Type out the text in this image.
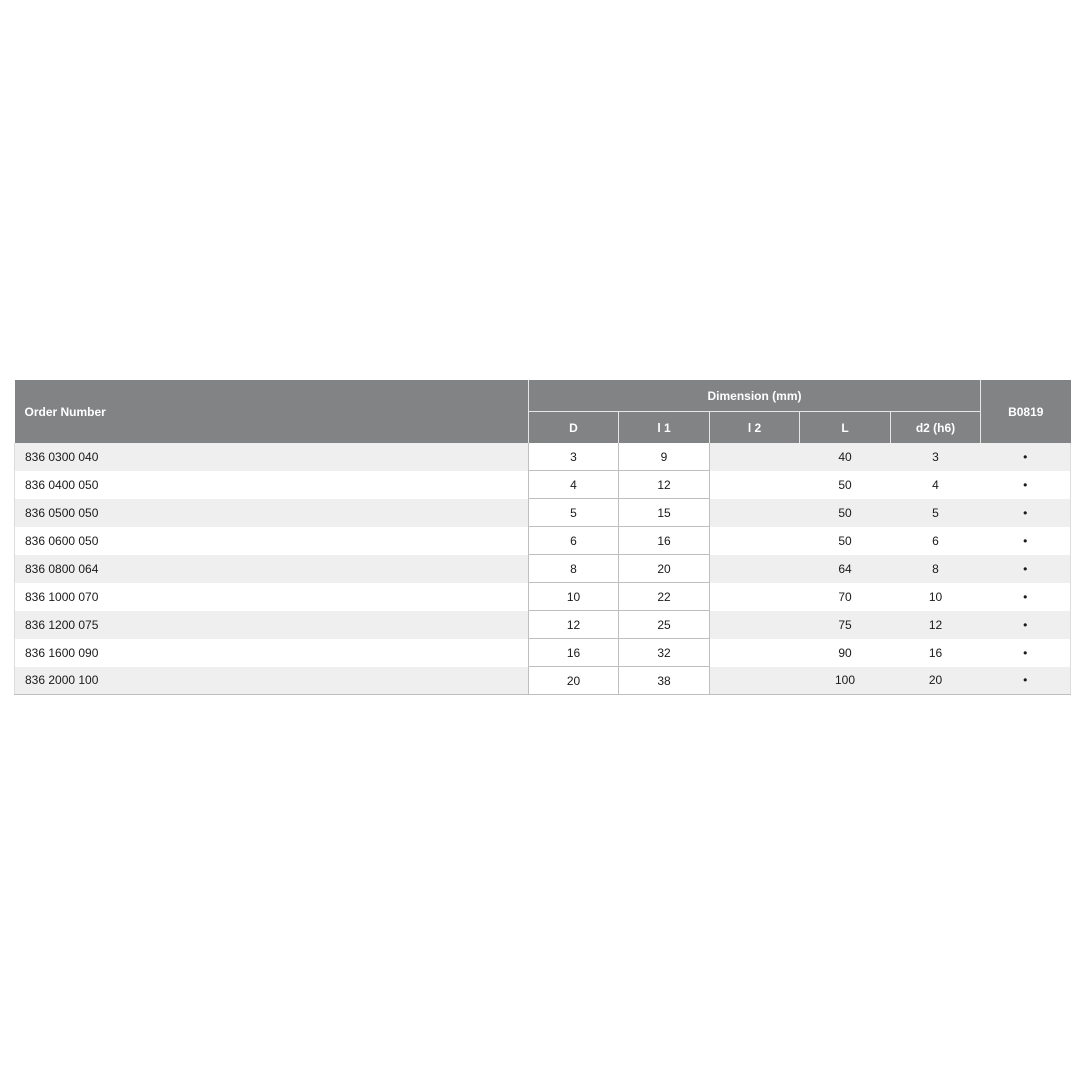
Order Number	Dimension (mm)					B0819
	D	l 1	l 2	L	d2 (h6)	
836 0300 040	3	9		40	3	•
836 0400 050	4	12		50	4	•
836 0500 050	5	15		50	5	•
836 0600 050	6	16		50	6	•
836 0800 064	8	20		64	8	•
836 1000 070	10	22		70	10	•
836 1200 075	12	25		75	12	•
836 1600 090	16	32		90	16	•
836 2000 100	20	38		100	20	•
